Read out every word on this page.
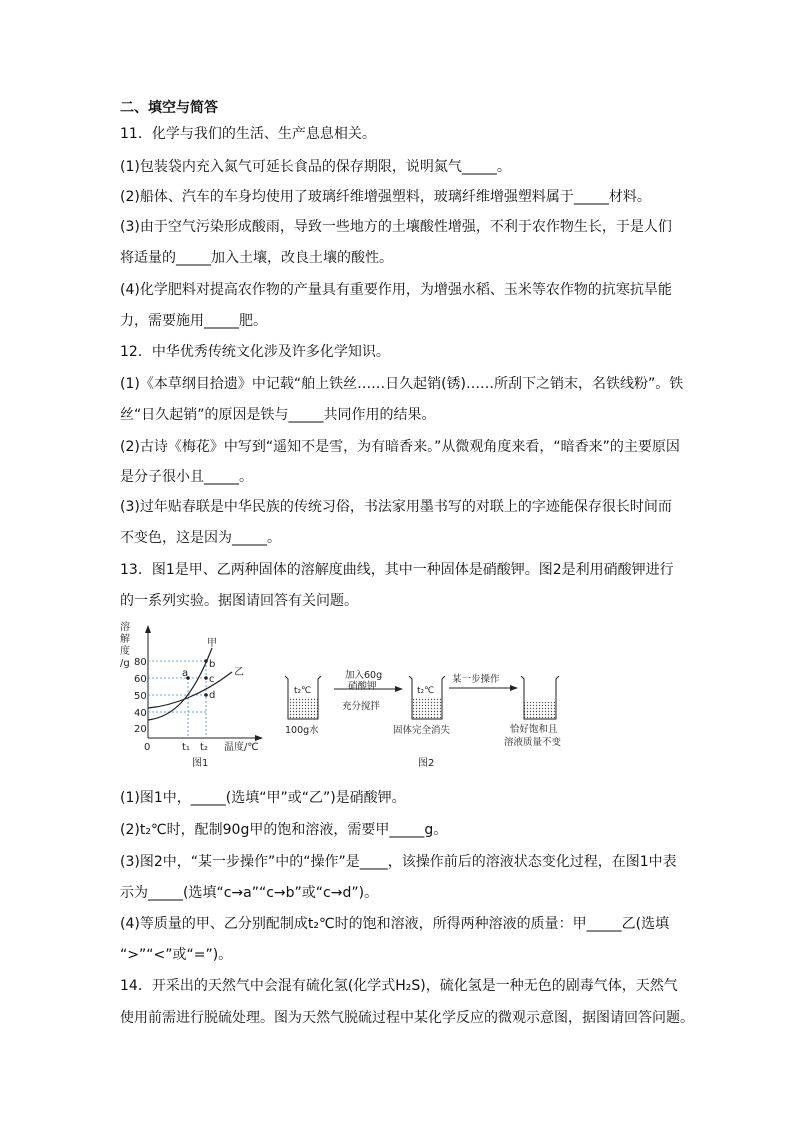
二、填空与简答
11．化学与我们的生活、生产息息相关。
(1)包装袋内充入氮气可延长食品的保存期限，说明氮气_____。
(2)船体、汽车的车身均使用了玻璃纤维增强塑料，玻璃纤维增强塑料属于_____材料。
(3)由于空气污染形成酸雨，导致一些地方的土壤酸性增强，不利于农作物生长，于是人们
将适量的_____加入土壤，改良土壤的酸性。
(4)化学肥料对提高农作物的产量具有重要作用，为增强水稻、玉米等农作物的抗寒抗旱能
力，需要施用_____肥。
12．中华优秀传统文化涉及许多化学知识。
(1)《本草纲目拾遗》中记载“舶上铁丝……日久起销(锈)……所刮下之销末，名铁线粉”。铁
丝“日久起销”的原因是铁与_____共同作用的结果。
(2)古诗《梅花》中写到“遥知不是雪，为有暗香来。”从微观角度来看，“暗香来”的主要原因
是分子很小且_____。
(3)过年贴春联是中华民族的传统习俗，书法家用墨书写的对联上的字迹能保存很长时间而
不变色，这是因为_____。
13．图1是甲、乙两种固体的溶解度曲线，其中一种固体是硝酸钾。图2是利用硝酸钾进行
的一系列实验。据图请回答有关问题。
溶
解
度
/g 80
60
50
40
20
0
甲
乙
a
b
c
d
t₁ t₂ 温度/℃
图1
t₂℃
100g水
加入60g
硝酸钾
充分搅拌
t₂℃
固体完全消失
某一步操作
恰好饱和且
溶液质量不变
图2
(1)图1中，_____(选填“甲”或“乙”)是硝酸钾。
(2)t₂℃时，配制90g甲的饱和溶液，需要甲_____g。
(3)图2中，“某一步操作”中的“操作”是____，该操作前后的溶液状态变化过程，在图1中表
示为_____(选填“c→a”“c→b”或“c→d”)。
(4)等质量的甲、乙分别配制成t₂℃时的饱和溶液，所得两种溶液的质量：甲_____乙(选填
“>”“<”或“=”)。
14．开采出的天然气中会混有硫化氢(化学式H₂S)，硫化氢是一种无色的剧毒气体，天然气
使用前需进行脱硫处理。图为天然气脱硫过程中某化学反应的微观示意图，据图请回答问题。
